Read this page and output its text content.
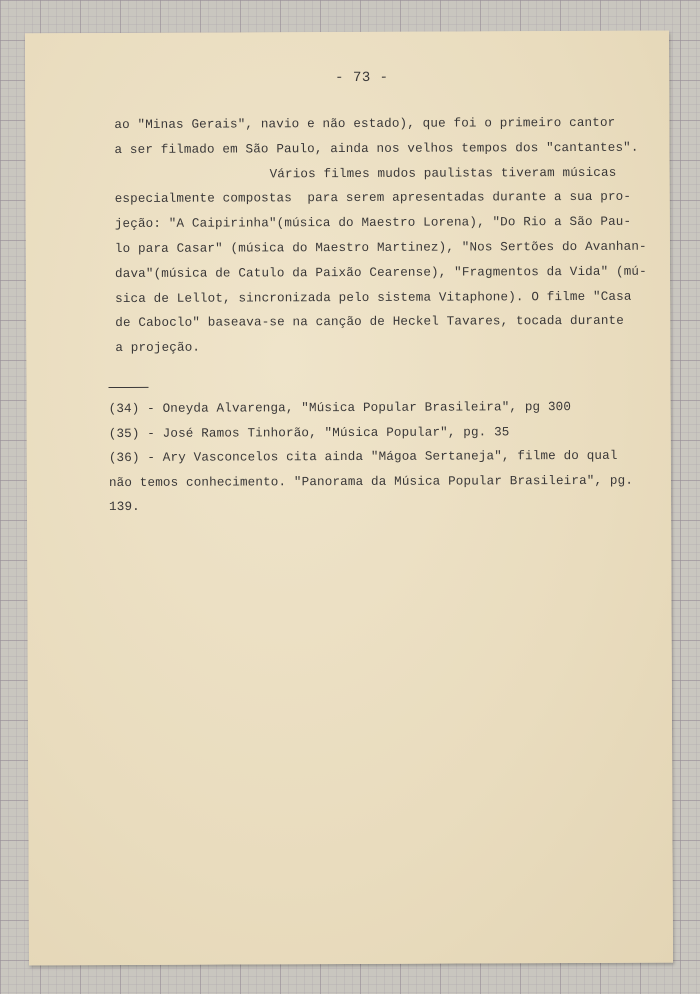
- 73 -
ao "Minas Gerais", navio e não estado), que foi o primeiro cantor
a ser filmado em São Paulo, ainda nos velhos tempos dos "cantantes".
Vários filmes mudos paulistas tiveram músicas
especialmente compostas  para serem apresentadas durante a sua pro-
jeção: "A Caipirinha"(música do Maestro Lorena), "Do Rio a São Pau-
lo para Casar" (música do Maestro Martinez), "Nos Sertões do Avanhan-
dava"(música de Catulo da Paixão Cearense), "Fragmentos da Vida" (mú-
sica de Lellot, sincronizada pelo sistema Vitaphone). O filme "Casa
de Caboclo" baseava-se na canção de Heckel Tavares, tocada durante
a projeção.
(34) - Oneyda Alvarenga, "Música Popular Brasileira", pg 300
(35) - José Ramos Tinhorão, "Música Popular", pg. 35
(36) - Ary Vasconcelos cita ainda "Mágoa Sertaneja", filme do qual
não temos conhecimento. "Panorama da Música Popular Brasileira", pg.
139.
